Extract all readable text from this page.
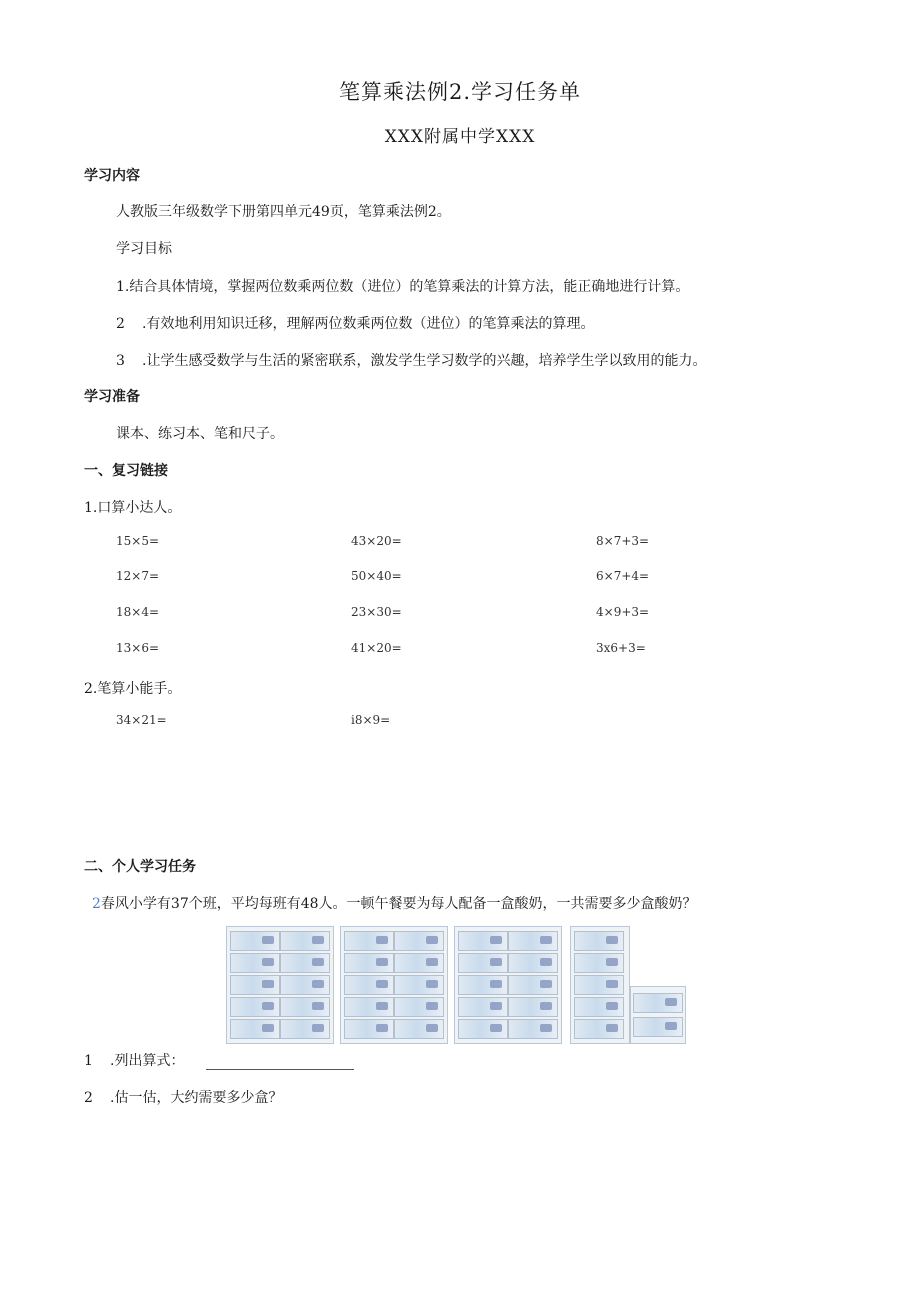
笔算乘法例2.学习任务单
XXX附属中学XXX
学习内容
人教版三年级数学下册第四单元49页，笔算乘法例2。
学习目标
1.结合具体情境，掌握两位数乘两位数（进位）的笔算乘法的计算方法，能正确地进行计算。
2 .有效地利用知识迁移，理解两位数乘两位数（进位）的笔算乘法的算理。
3 .让学生感受数学与生活的紧密联系，激发学生学习数学的兴趣，培养学生学以致用的能力。
学习准备
课本、练习本、笔和尺子。
一、复习链接
1.口算小达人。
15×5=	43×20=	8×7+3=
12×7=	50×40=	6×7+4=
18×4=	23×30=	4×9+3=
13×6=	41×20=	3x6+3=
2.笔算小能手。
34×21=	i8×9=
二、个人学习任务
2春风小学有37个班，平均每班有48人。一顿午餐要为每人配备一盒酸奶，一共需要多少盒酸奶？
1 .列出算式：
2 .估一估，大约需要多少盒？
